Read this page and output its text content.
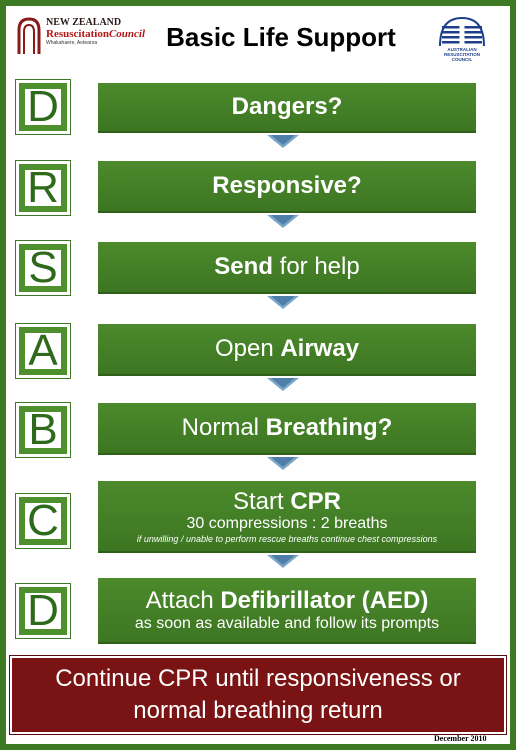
NEW ZEALAND
ResuscitationCouncil
Whakahaere, Aotearoa	Basic Life Support	AUSTRALIAN
RESUSCITATION
COUNCIL
D	Dangers?
R	Responsive?
S	Send for help
A	Open Airway
B	Normal Breathing?
C	Start CPR
30 compressions : 2 breaths
if unwilling / unable to perform rescue breaths continue chest compressions
D	Attach Defibrillator (AED)
as soon as available and follow its prompts
Continue CPR until responsiveness or
normal breathing return
December 2010
